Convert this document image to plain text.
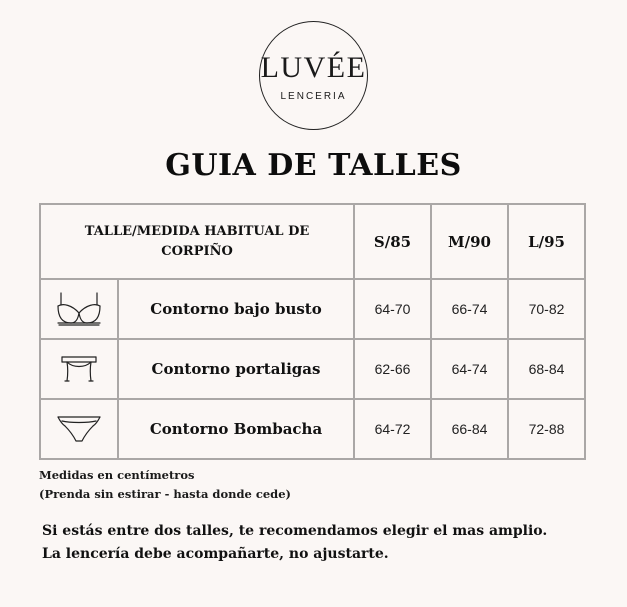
LUVÉE
LENCERIA
GUIA DE TALLES
TALLE/MEDIDA HABITUAL DE CORPIÑO		S/85	M/90	L/95

	Contorno bajo busto	64-70	66-74	70-82

	Contorno portaligas	62-66	64-74	68-84

	Contorno Bombacha	64-72	66-84	72-88
Medidas en centímetros
(Prenda sin estirar - hasta donde cede)
Si estás entre dos talles, te recomendamos elegir el mas amplio.
La lencería debe acompañarte, no ajustarte.
